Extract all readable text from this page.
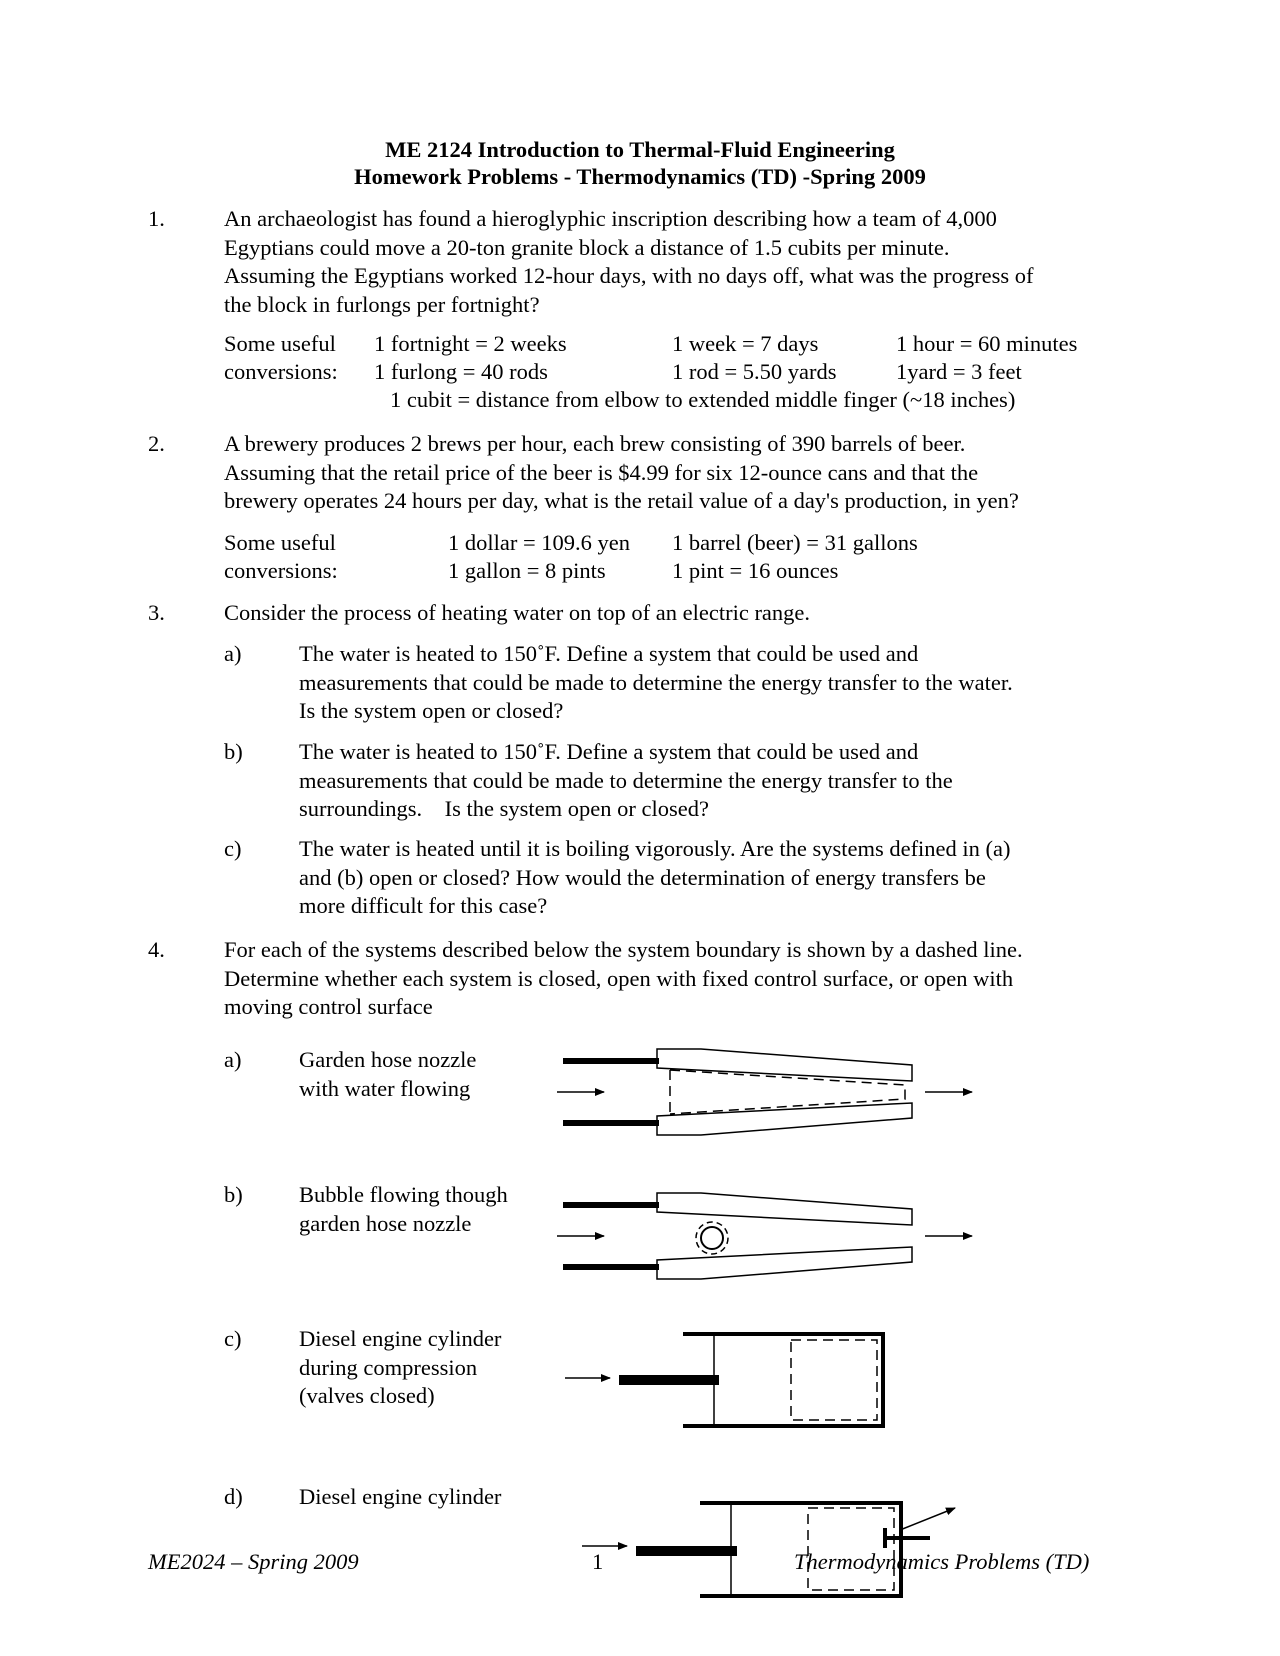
ME 2124 Introduction to Thermal-Fluid Engineering
Homework Problems - Thermodynamics (TD) -Spring 2009
1.	An archaeologist has found a hieroglyphic inscription describing how a team of 4,000
Egyptians could move a 20-ton granite block a distance of 1.5 cubits per minute.
Assuming the Egyptians worked 12-hour days, with no days off, what was the progress of
the block in furlongs per fortnight?
Some useful
conversions:
1 fortnight = 2 weeks	1 week = 7 days	1 hour = 60 minutes
1 furlong = 40 rods	1 rod = 5.50 yards	1yard = 3 feet
1 cubit = distance from elbow to extended middle finger (~18 inches)
2.	A brewery produces 2 brews per hour, each brew consisting of 390 barrels of beer.
Assuming that the retail price of the beer is $4.99 for six 12-ounce cans and that the
brewery operates 24 hours per day, what is the retail value of a day's production, in yen?
Some useful
conversions:
1 dollar = 109.6 yen 1 barrel (beer) = 31 gallons
1 gallon = 8 pints	1 pint = 16 ounces
3.	Consider the process of heating water on top of an electric range.
a)	The water is heated to 150˚F. Define a system that could be used and
measurements that could be made to determine the energy transfer to the water.
Is the system open or closed?
b)	The water is heated to 150˚F. Define a system that could be used and
measurements that could be made to determine the energy transfer to the
surroundings.    Is the system open or closed?
c)	The water is heated until it is boiling vigorously. Are the systems defined in (a)
and (b) open or closed? How would the determination of energy transfers be
more difficult for this case?
4.	For each of the systems described below the system boundary is shown by a dashed line.
Determine whether each system is closed, open with fixed control surface, or open with
moving control surface
a)	Garden hose nozzle
with water flowing
b)	Bubble flowing though
garden hose nozzle
c)	Diesel engine cylinder
during compression
(valves closed)
d)	Diesel engine cylinder
ME2024 – Spring 2009	1	Thermodynamics Problems (TD)
